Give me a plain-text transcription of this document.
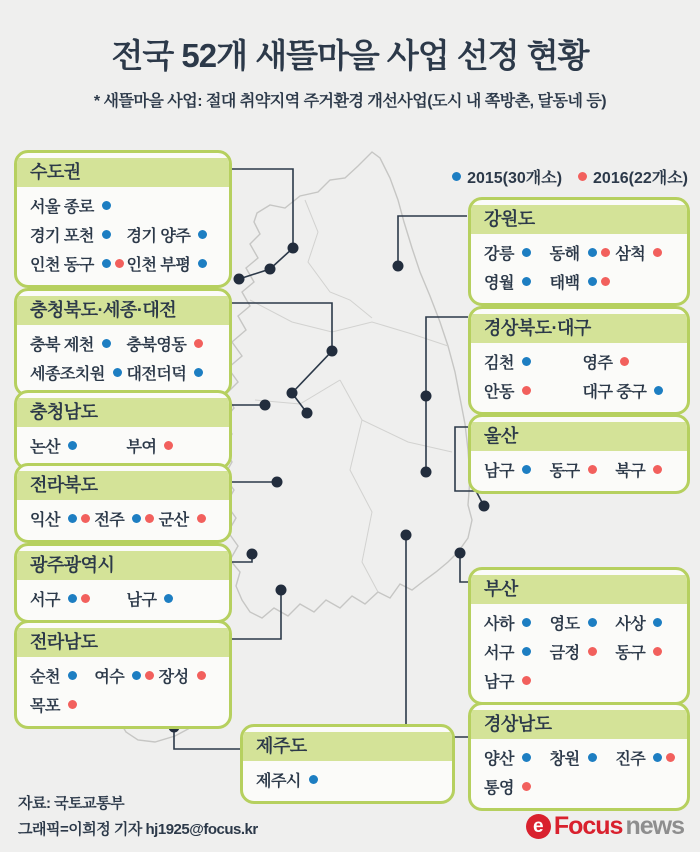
전국 52개 새뜰마을 사업 선정 현황
* 새뜰마을 사업: 절대 취약지역 주거환경 개선사업(도시 내 쪽방촌, 달동네 등)
2015(30개소) 2016(22개소)
수도권
서울 종로
경기 포천 경기 양주
인천 동구 인천 부평
충청북도·세종·대전
충북 제천 충북영동
세종조치원 대전더덕
충청남도
논산	부여
전라북도
익산 전주 군산
광주광역시
서구	남구
전라남도
순천 여수 장성
목포
제주도
제주시
강원도
강릉 동해 삼척
영월 태백
경상북도·대구
김천	영주
안동	대구 중구
울산
남구 동구 북구
부산
사하 영도 사상
서구 금정 동구
남구
경상남도
양산 창원 진주
통영
자료: 국토교통부
그래픽=이희정 기자 hj1925@focus.kr	e Focus news
